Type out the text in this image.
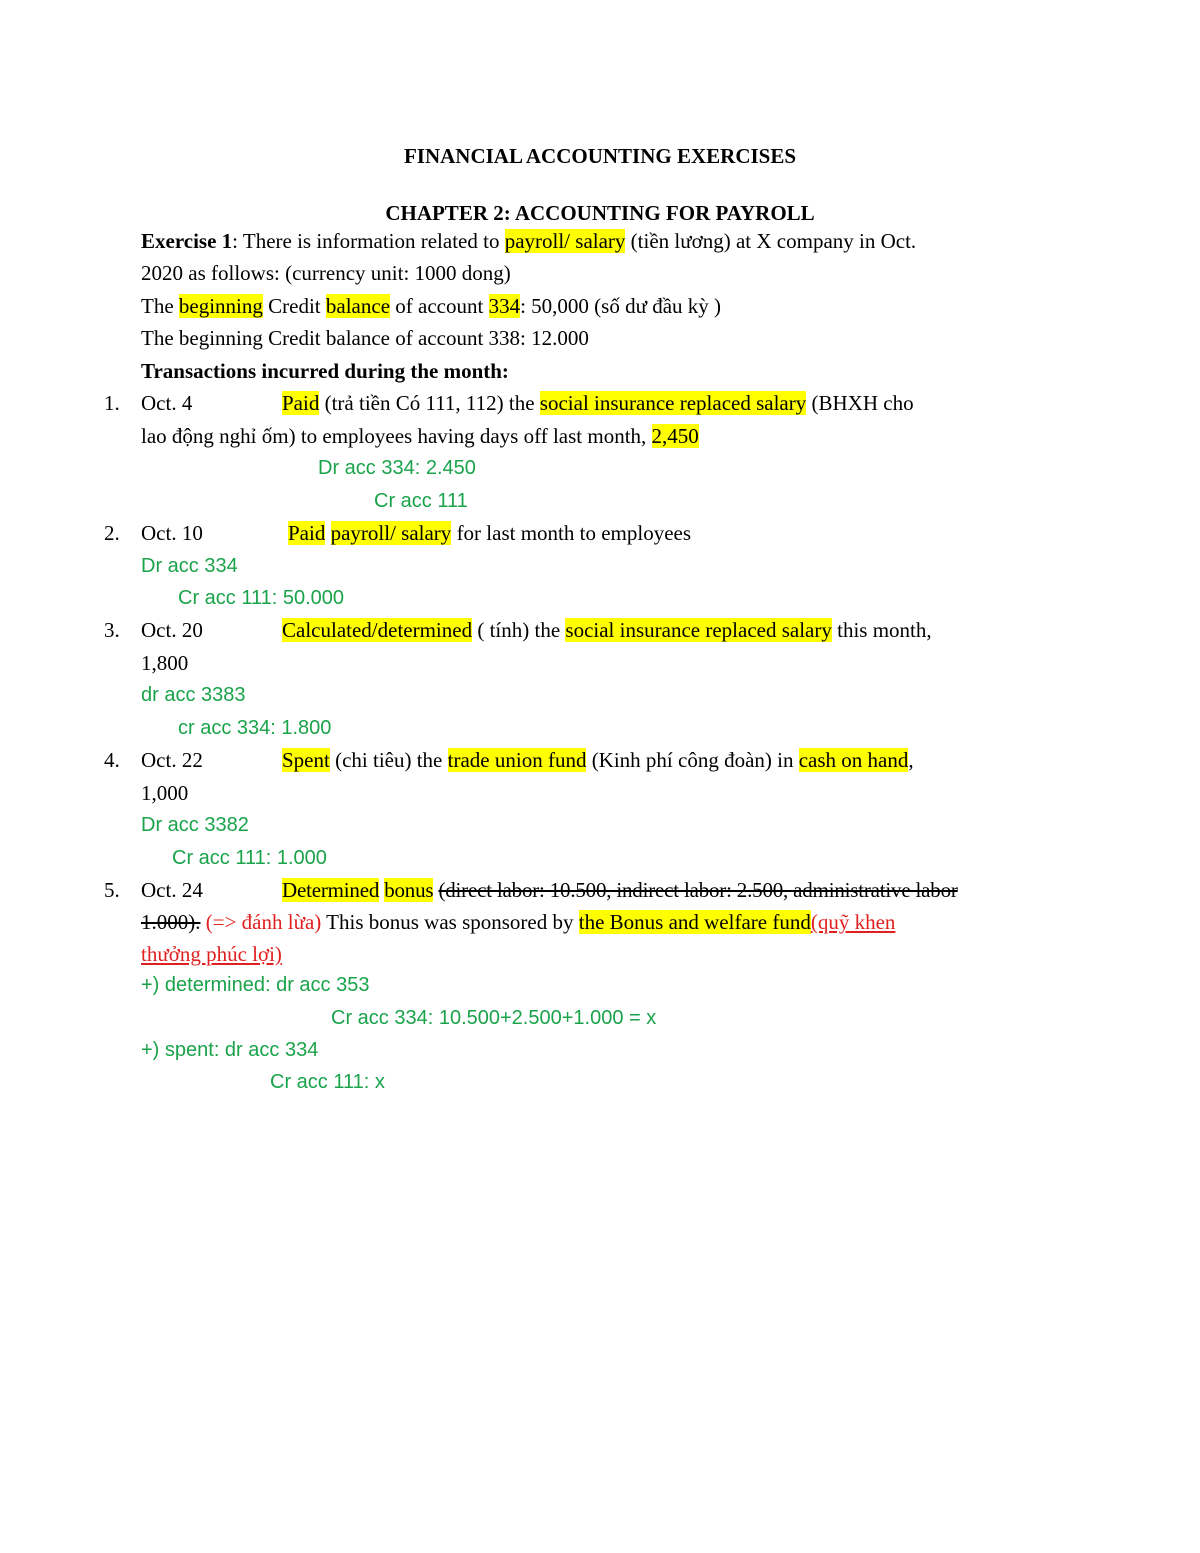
FINANCIAL ACCOUNTING EXERCISES
CHAPTER 2: ACCOUNTING FOR PAYROLL
Exercise 1: There is information related to payroll/ salary (tiền lương) at X company in Oct.
2020 as follows: (currency unit: 1000 dong)
The beginning Credit balance of account 334: 50,000 (số dư đầu kỳ )
The beginning Credit balance of account 338: 12.000
Transactions incurred during the month:
1. Oct. 4	Paid (trả tiền Có 111, 112) the social insurance replaced salary (BHXH cho
lao động nghỉ ốm) to employees having days off last month, 2,450
Dr acc 334: 2.450
Cr acc 111
2. Oct. 10	Paid payroll/ salary for last month to employees
Dr acc 334
Cr acc 111: 50.000
3. Oct. 20	Calculated/determined ( tính) the social insurance replaced salary this month,
1,800
dr acc 3383
cr acc 334: 1.800
4. Oct. 22	Spent (chi tiêu) the trade union fund (Kinh phí công đoàn) in cash on hand,
1,000
Dr acc 3382
Cr acc 111: 1.000
5. Oct. 24	Determined bonus (direct labor: 10.500, indirect labor: 2.500, administrative labor
1.000). (=> đánh lừa) This bonus was sponsored by the Bonus and welfare fund(quỹ khen
thưởng phúc lợi)
+) determined: dr acc 353
Cr acc 334: 10.500+2.500+1.000 = x
+) spent: dr acc 334
Cr acc 111: x
